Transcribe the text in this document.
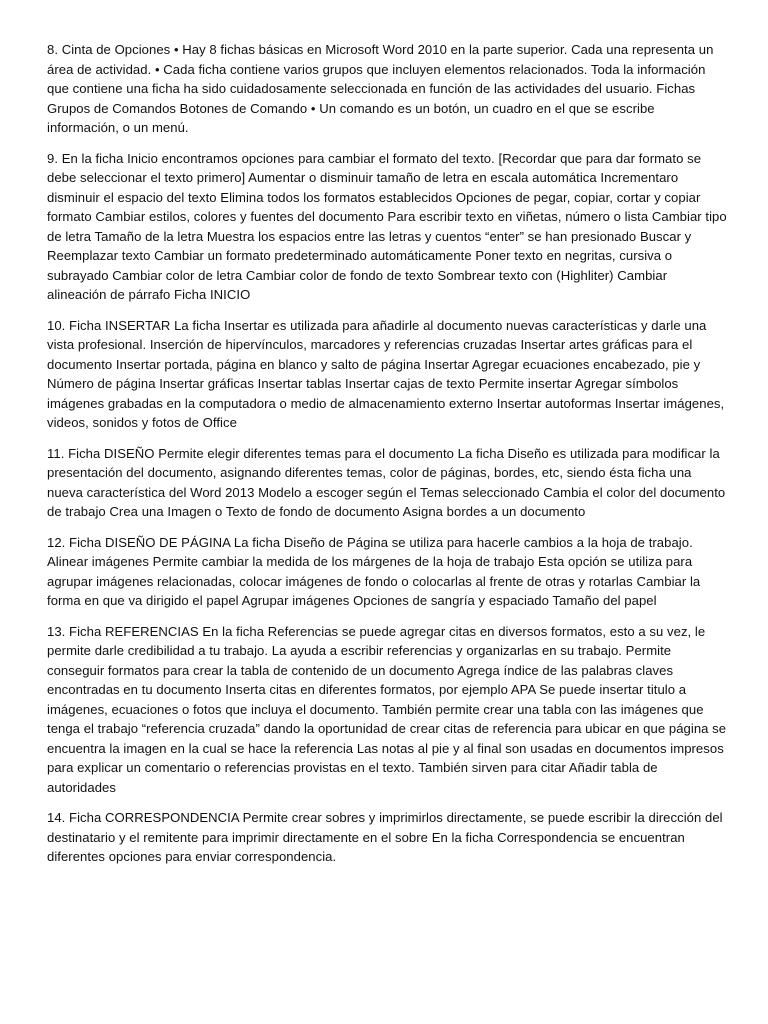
8. Cinta de Opciones • Hay 8 fichas básicas en Microsoft Word 2010 en la parte superior. Cada una representa un área de actividad. • Cada ficha contiene varios grupos que incluyen elementos relacionados. Toda la información que contiene una ficha ha sido cuidadosamente seleccionada en función de las actividades del usuario. Fichas Grupos de Comandos Botones de Comando • Un comando es un botón, un cuadro en el que se escribe información, o un menú.

9. En la ficha Inicio encontramos opciones para cambiar el formato del texto. [Recordar que para dar formato se debe seleccionar el texto primero] Aumentar o disminuir tamaño de letra en escala automática Incrementaro disminuir el espacio del texto Elimina todos los formatos establecidos Opciones de pegar, copiar, cortar y copiar formato Cambiar estilos, colores y fuentes del documento Para escribir texto en viñetas, número o lista Cambiar tipo de letra Tamaño de la letra Muestra los espacios entre las letras y cuentos “enter” se han presionado Buscar y Reemplazar texto Cambiar un formato predeterminado automáticamente Poner texto en negritas, cursiva o subrayado Cambiar color de letra Cambiar color de fondo de texto Sombrear texto con (Highliter) Cambiar alineación de párrafo Ficha INICIO

10. Ficha INSERTAR La ficha Insertar es utilizada para añadirle al documento nuevas características y darle una vista profesional. Inserción de hipervínculos, marcadores y referencias cruzadas Insertar artes gráficas para el documento Insertar portada, página en blanco y salto de página Insertar Agregar ecuaciones encabezado, pie y Número de página Insertar gráficas Insertar tablas Insertar cajas de texto Permite insertar Agregar símbolos imágenes grabadas en la computadora o medio de almacenamiento externo Insertar autoformas Insertar imágenes, videos, sonidos y fotos de Office

11. Ficha DISEÑO Permite elegir diferentes temas para el documento La ficha Diseño es utilizada para modificar la presentación del documento, asignando diferentes temas, color de páginas, bordes, etc, siendo ésta ficha una nueva característica del Word 2013 Modelo a escoger según el Temas seleccionado Cambia el color del documento de trabajo Crea una Imagen o Texto de fondo de documento Asigna bordes a un documento

12. Ficha DISEÑO DE PÁGINA La ficha Diseño de Página se utiliza para hacerle cambios a la hoja de trabajo. Alinear imágenes Permite cambiar la medida de los márgenes de la hoja de trabajo Esta opción se utiliza para agrupar imágenes relacionadas, colocar imágenes de fondo o colocarlas al frente de otras y rotarlas Cambiar la forma en que va dirigido el papel Agrupar imágenes Opciones de sangría y espaciado Tamaño del papel

13. Ficha REFERENCIAS En la ficha Referencias se puede agregar citas en diversos formatos, esto a su vez, le permite darle credibilidad a tu trabajo. La ayuda a escribir referencias y organizarlas en su trabajo. Permite conseguir formatos para crear la tabla de contenido de un documento Agrega índice de las palabras claves encontradas en tu documento Inserta citas en diferentes formatos, por ejemplo APA Se puede insertar titulo a imágenes, ecuaciones o fotos que incluya el documento. También permite crear una tabla con las imágenes que tenga el trabajo “referencia cruzada” dando la oportunidad de crear citas de referencia para ubicar en que página se encuentra la imagen en la cual se hace la referencia Las notas al pie y al final son usadas en documentos impresos para explicar un comentario o referencias provistas en el texto. También sirven para citar Añadir tabla de autoridades

14. Ficha CORRESPONDENCIA Permite crear sobres y imprimirlos directamente, se puede escribir la dirección del destinatario y el remitente para imprimir directamente en el sobre En la ficha Correspondencia se encuentran diferentes opciones para enviar correspondencia.
